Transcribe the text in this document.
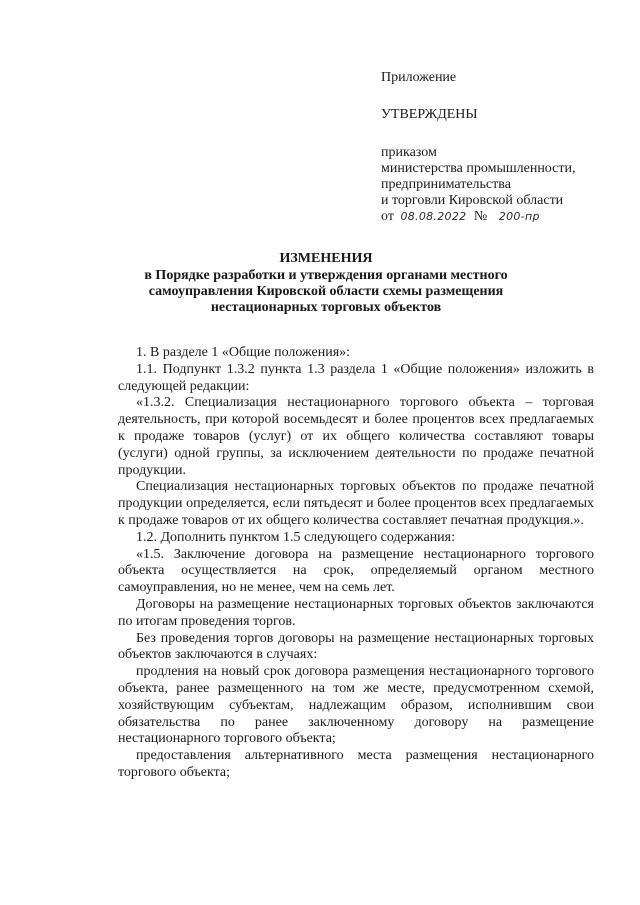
Приложение
УТВЕРЖДЕНЫ
приказом
министерства промышленности,
предпринимательства
и торговли Кировской области
от 08.08.2022 № 200-пр
ИЗМЕНЕНИЯ
в Порядке разработки и утверждения органами местного
самоуправления Кировской области схемы размещения
нестационарных торговых объектов

1. В разделе 1 «Общие положения»:

1.1. Подпункт 1.3.2 пункта 1.3 раздела 1 «Общие положения» изложить в следующей редакции:

«1.3.2. Специализация нестационарного торгового объекта – торговая деятельность, при которой восемьдесят и более процентов всех предлагаемых к продаже товаров (услуг) от их общего количества составляют товары (услуги) одной группы, за исключением деятельности по продаже печатной продукции.

Специализация нестационарных торговых объектов по продаже печатной продукции определяется, если пятьдесят и более процентов всех предлагаемых к продаже товаров от их общего количества составляет печатная продукция.».

1.2. Дополнить пунктом 1.5 следующего содержания:

«1.5. Заключение договора на размещение нестационарного торгового объекта осуществляется на срок, определяемый органом местного самоуправления, но не менее, чем на семь лет.

Договоры на размещение нестационарных торговых объектов заключаются по итогам проведения торгов.

Без проведения торгов договоры на размещение нестационарных торговых объектов заключаются в случаях:

продления на новый срок договора размещения нестационарного торгового объекта, ранее размещенного на том же месте, предусмотренном схемой, хозяйствующим субъектам, надлежащим образом, исполнившим свои обязательства по ранее заключенному договору на размещение нестационарного торгового объекта;

предоставления альтернативного места размещения нестационарного торгового объекта;
